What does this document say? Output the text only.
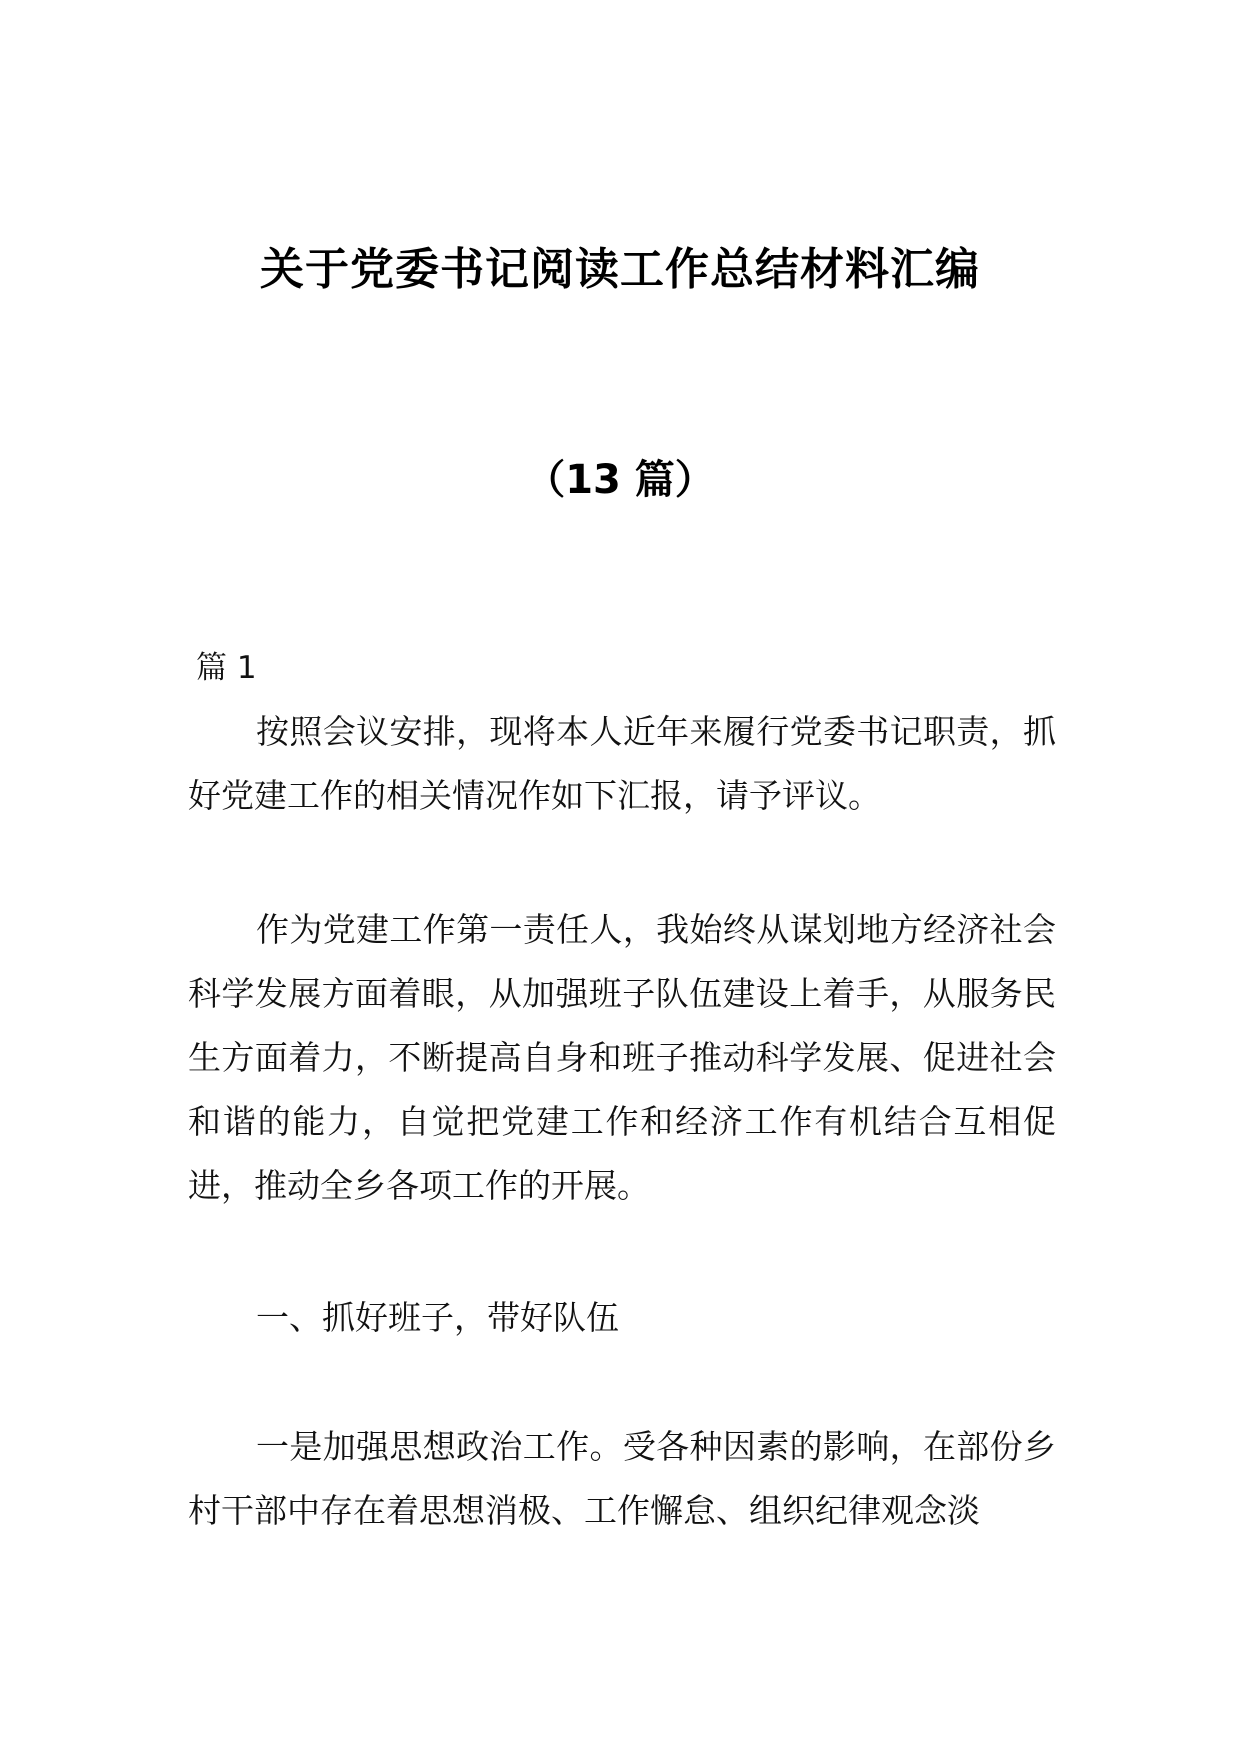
关于党委书记阅读工作总结材料汇编
（13 篇）
篇 1

按照会议安排，现将本人近年来履行党委书记职责，抓好党建工作的相关情况作如下汇报，请予评议。

作为党建工作第一责任人，我始终从谋划地方经济社会科学发展方面着眼，从加强班子队伍建设上着手，从服务民生方面着力，不断提高自身和班子推动科学发展、促进社会和谐的能力，自觉把党建工作和经济工作有机结合互相促进，推动全乡各项工作的开展。

一、抓好班子，带好队伍

一是加强思想政治工作。受各种因素的影响，在部份乡村干部中存在着思想消极、工作懈怠、组织纪律观念淡
